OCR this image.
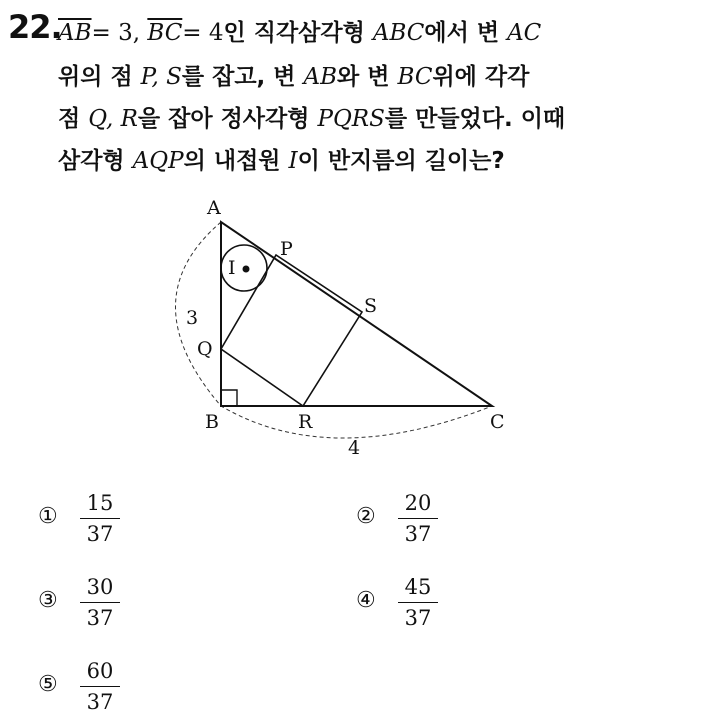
22.
$\overline{AB}= 3$, $\overline{BC}= 4$인 직각삼각형 ABC에서 변 AC
위의 점 P, S를 잡고, 변 AB와 변 BC위에 각각
점 Q, R을 잡아 정사각형 PQRS를 만들었다. 이때
삼각형 AQP의 내접원 I이 반지름의 길이는?
A
P
I
S
Q
B	R	C
3
4
①
15
37
②
20
37
③
30
37
④
45
37
⑤
60
37
